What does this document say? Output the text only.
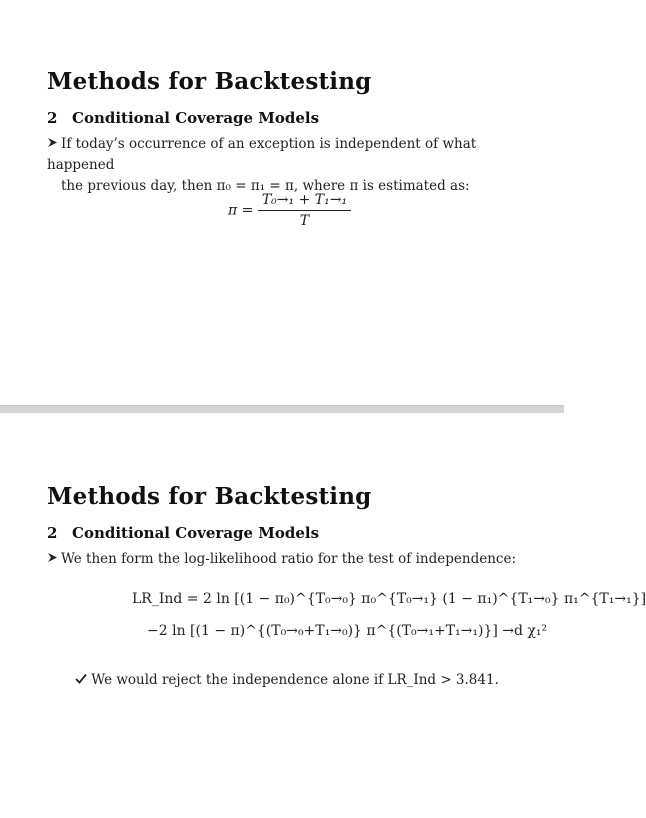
Methods for Backtesting
2 Conditional Coverage Models
If today’s occurrence of an exception is independent of what happened
the previous day, then π₀ = π₁ = π, where π is estimated as:
$\pi = \frac{\text{T₀→₁ + T₁→₁}}{T}$
Methods for Backtesting
2 Conditional Coverage Models
We then form the log-likelihood ratio for the test of independence:
LR_Ind = 2 ln [(1 − π₀)^{T₀→₀} π₀^{T₀→₁} (1 − π₁)^{T₁→₀} π₁^{T₁→₁}]
−2 ln [(1 − π)^{(T₀→₀+T₁→₀)} π^{(T₀→₁+T₁→₁)}] →d χ₁²
We would reject the independence alone if LR_Ind > 3.841.
